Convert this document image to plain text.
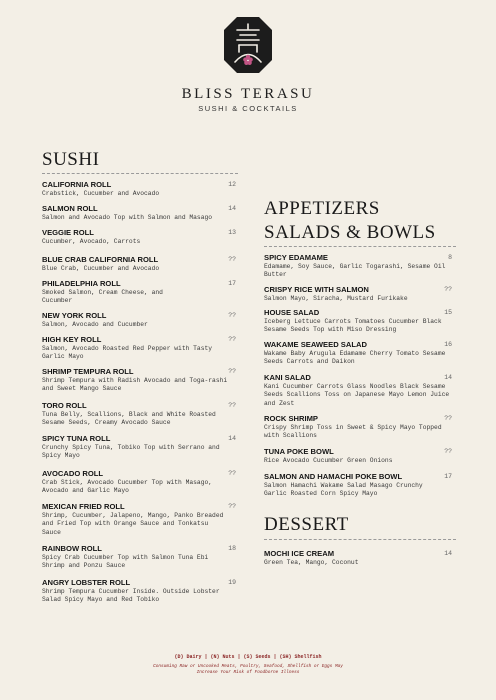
BLISS TERASU
SUSHI & COCKTAILS
SUSHI
CALIFORNIA ROLL
Crabstick, Cucumber and Avocado
12
SALMON ROLL
Salmon and Avocado Top with Salmon and Masago
14
VEGGIE ROLL
Cucumber, Avocado, Carrots
13
BLUE CRAB CALIFORNIA ROLL
Blue Crab, Cucumber and Avocado
??
PHILADELPHIA ROLL
Smoked Salmon, Cream Cheese, and Cucumber
17
NEW YORK ROLL
Salmon, Avocado and Cucumber
??
HIGH KEY ROLL
Salmon, Avocado Roasted Red Pepper with Tasty Garlic Mayo
??
SHRIMP TEMPURA ROLL
Shrimp Tempura with Radish Avocado and Toga-rashi and Sweet Mango Sauce
??
TORO ROLL
Tuna Belly, Scallions, Black and White Roasted Sesame Seeds, Creamy Avocado Sauce
??
SPICY TUNA ROLL
Crunchy Spicy Tuna, Tobiko Top with Serrano and Spicy Mayo
14
AVOCADO ROLL
Crab Stick, Avocado Cucumber Top with Masago, Avocado and Garlic Mayo
??
MEXICAN FRIED ROLL
Shrimp, Cucumber, Jalapeno, Mango, Panko Breaded and Fried Top with Orange Sauce and Tonkatsu Sauce
??
RAINBOW ROLL
Spicy Crab Cucumber Top with Salmon Tuna Ebi Shrimp and Ponzu Sauce
18
ANGRY LOBSTER ROLL
Shrimp Tempura Cucumber Inside. Outside Lobster Salad Spicy Mayo and Red Tobiko
19
APPETIZERS
SALADS & BOWLS
SPICY EDAMAME
Edamame, Soy Sauce, Garlic Togarashi, Sesame Oil Butter
8
CRISPY RICE WITH SALMON
Salmon Mayo, Siracha, Mustard Furikake
??
HOUSE SALAD
Iceberg Lettuce Carrots Tomatoes Cucumber Black Sesame Seeds Top with Miso Dressing
15
WAKAME SEAWEED SALAD
Wakame Baby Arugula Edamame Cherry Tomato Sesame Seeds Carrots and Daikon
16
KANI SALAD
Kani Cucumber Carrots Glass Noodles Black Sesame Seeds Scallions Toss on Japanese Mayo Lemon Juice and Zest
14
ROCK SHRIMP
Crispy Shrimp Toss in Sweet & Spicy Mayo Topped with Scallions
??
TUNA POKE BOWL
Rice Avocado Cucumber Green Onions
??
SALMON AND HAMACHI POKE BOWL
Salmon Hamachi Wakame Salad Masago Crunchy Garlic Roasted Corn Spicy Mayo
17
DESSERT
MOCHI ICE CREAM
Green Tea, Mango, Coconut
14
(D) Dairy | (N) Nuts | (S) Seeds | (SH) Shellfish
Consuming Raw or Uncooked Meats, Poultry, Seafood, Shellfish or Eggs May Increase Your Risk of Foodborne Illness
